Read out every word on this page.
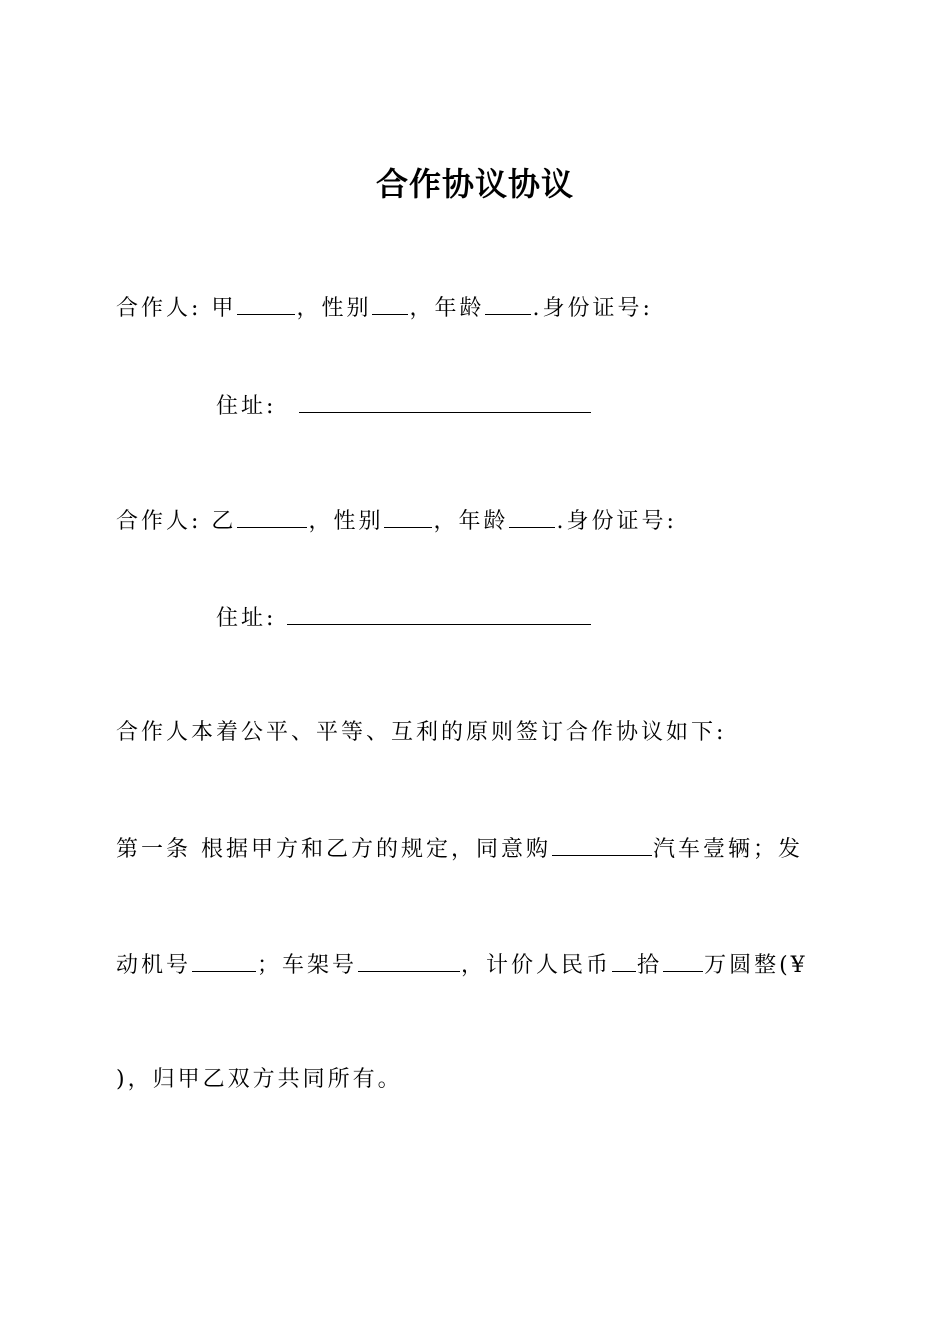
合作协议协议
合作人: 甲	，性别 ，年龄 .身份证号:
住址:
合作人: 乙	，性别 ，年龄 .身份证号:
住址:
合作人本着公平、平等、互利的原则签订合作协议如下:
第一条 根据甲方和乙方的规定，同意购	汽车壹辆；发
动机号	；车架号	，计价人民币 拾 万圆整(¥
)，归甲乙双方共同所有。
